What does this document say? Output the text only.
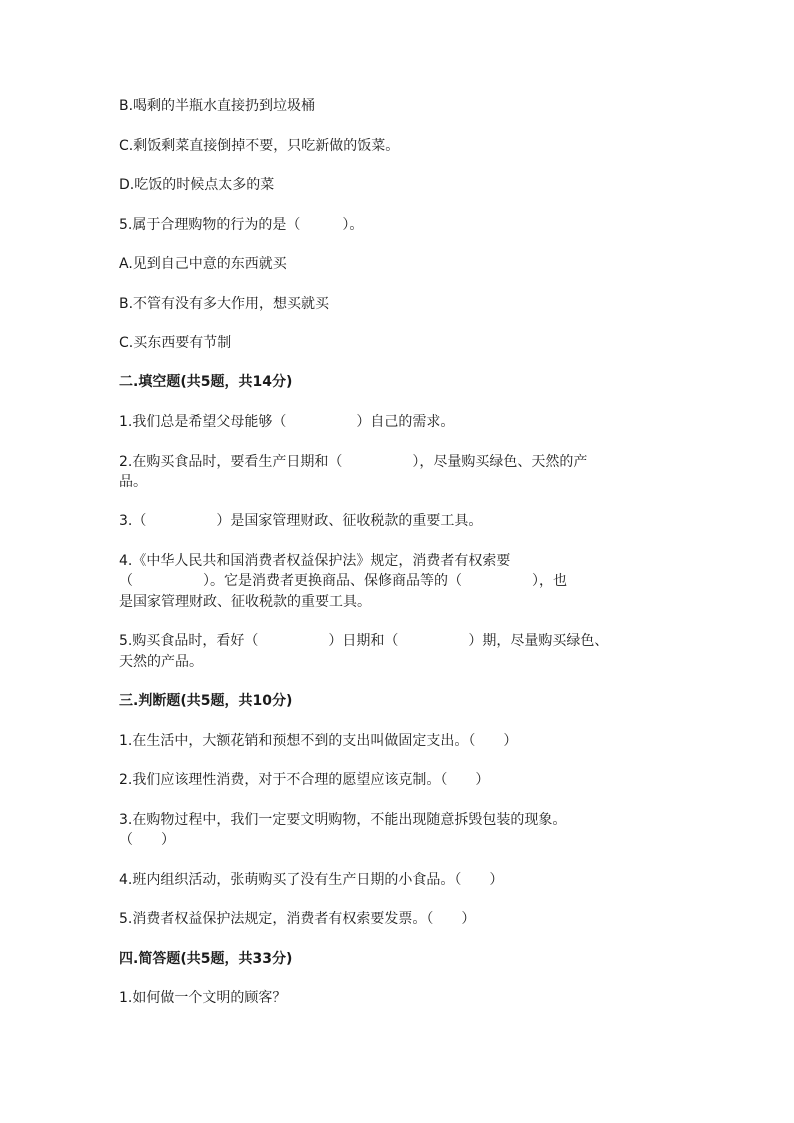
B.喝剩的半瓶水直接扔到垃圾桶
C.剩饭剩菜直接倒掉不要，只吃新做的饭菜。
D.吃饭的时候点太多的菜
5.属于合理购物的行为的是（　　　）。
A.见到自己中意的东西就买
B.不管有没有多大作用，想买就买
C.买东西要有节制
二.填空题(共5题，共14分)
1.我们总是希望父母能够（　　　　　）自己的需求。
2.在购买食品时，要看生产日期和（　　　　　），尽量购买绿色、天然的产
品。
3.（　　　　　）是国家管理财政、征收税款的重要工具。
4.《中华人民共和国消费者权益保护法》规定，消费者有权索要
（　　　　　）。它是消费者更换商品、保修商品等的（　　　　　），也
是国家管理财政、征收税款的重要工具。
5.购买食品时，看好（　　　　　）日期和（　　　　　）期，尽量购买绿色、
天然的产品。
三.判断题(共5题，共10分)
1.在生活中，大额花销和预想不到的支出叫做固定支出。（　　）
2.我们应该理性消费，对于不合理的愿望应该克制。（　　）
3.在购物过程中，我们一定要文明购物，不能出现随意拆毁包装的现象。
（　　）
4.班内组织活动，张萌购买了没有生产日期的小食品。（　　）
5.消费者权益保护法规定，消费者有权索要发票。（　　）
四.简答题(共5题，共33分)
1.如何做一个文明的顾客？
